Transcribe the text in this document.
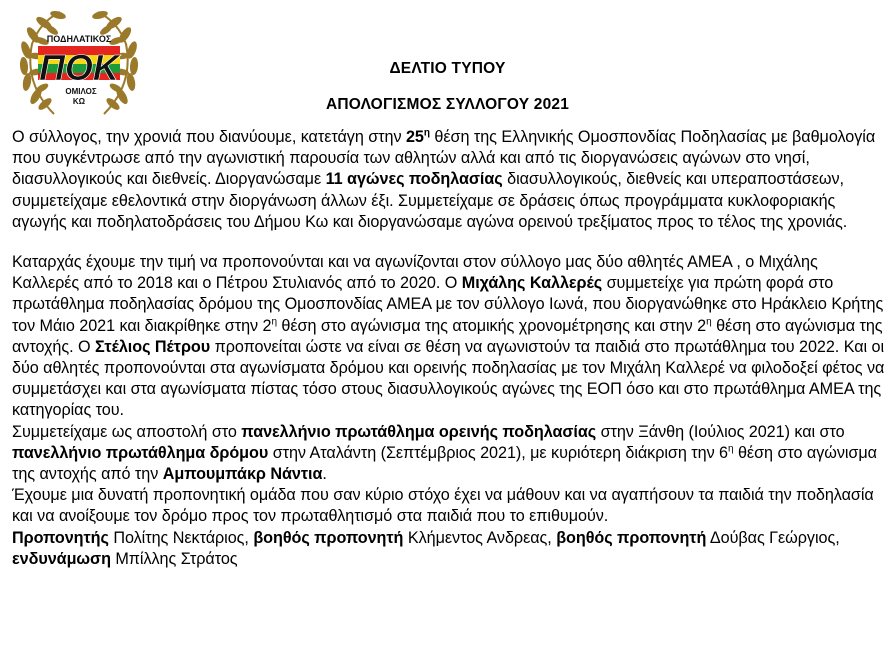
ΠΟΔΗΛΑΤΙΚΟΣ
ΠΟΚ
ΟΜΙΛΟΣ
ΚΩ
ΔΕΛΤΙΟ ΤΥΠΟΥ
ΑΠΟΛΟΓΙΣΜΟΣ ΣΥΛΛΟΓΟΥ 2021

Ο σύλλογος, την χρονιά που διανύουμε, κατετάγη στην $25^\eta$ θέση της Ελληνικής Ομοσπονδίας Ποδηλασίας με βαθμολογία που συγκέντρωσε από την αγωνιστική παρουσία των αθλητών αλλά και από τις διοργανώσεις αγώνων στο νησί, διασυλλογικούς και διεθνείς. Διοργανώσαμε 11 αγώνες ποδηλασίας διασυλλογικούς, διεθνείς και υπεραποστάσεων, συμμετείχαμε εθελοντικά στην διοργάνωση άλλων έξι. Συμμετείχαμε σε δράσεις όπως προγράμματα κυκλοφοριακής αγωγής και ποδηλατοδράσεις του Δήμου Κω και διοργανώσαμε αγώνα ορεινού τρεξίματος προς το τέλος της χρονιάς.

Καταρχάς έχουμε την τιμή να προπονούνται και να αγωνίζονται στον σύλλογο μας δύο αθλητές ΑΜΕΑ , ο Μιχάλης Καλλερές από το 2018 και ο Πέτρου Στυλιανός από το 2020. Ο Μιχάλης Καλλερές συμμετείχε για πρώτη φορά στο πρωτάθλημα ποδηλασίας δρόμου της Ομοσπονδίας ΑΜΕΑ με τον σύλλογο Ιωνά, που διοργανώθηκε στο Ηράκλειο Κρήτης τον Μάιο 2021 και διακρίθηκε στην $2^\eta$ θέση στο αγώνισμα της ατομικής χρονομέτρησης και στην $2^\eta$ θέση στο αγώνισμα της αντοχής. Ο Στέλιος Πέτρου προπονείται ώστε να είναι σε θέση να αγωνιστούν τα παιδιά στο πρωτάθλημα του 2022. Και οι δύο αθλητές προπονούνται στα αγωνίσματα δρόμου και ορεινής ποδηλασίας με τον Μιχάλη Καλλερέ να φιλοδοξεί φέτος να συμμετάσχει και στα αγωνίσματα πίστας τόσο στους διασυλλογικούς αγώνες της ΕΟΠ όσο και στο πρωτάθλημα ΑΜΕΑ της κατηγορίας του.

Συμμετείχαμε ως αποστολή στο πανελλήνιο πρωτάθλημα ορεινής ποδηλασίας στην Ξάνθη (Ιούλιος 2021) και στο πανελλήνιο πρωτάθλημα δρόμου στην Αταλάντη (Σεπτέμβριος 2021), με κυριότερη διάκριση την $6^\eta$ θέση στο αγώνισμα της αντοχής από την Αμπουμπάκρ Νάντια.

Έχουμε μια δυνατή προπονητική ομάδα που σαν κύριο στόχο έχει να μάθουν και να αγαπήσουν τα παιδιά την ποδηλασία και να ανοίξουμε τον δρόμο προς τον πρωταθλητισμό στα παιδιά που το επιθυμούν.

Προπονητής Πολίτης Νεκτάριος, βοηθός προπονητή Κλήμεντος Ανδρεας, βοηθός προπονητή Δούβας Γεώργιος, ενδυνάμωση Μπίλλης Στράτος
